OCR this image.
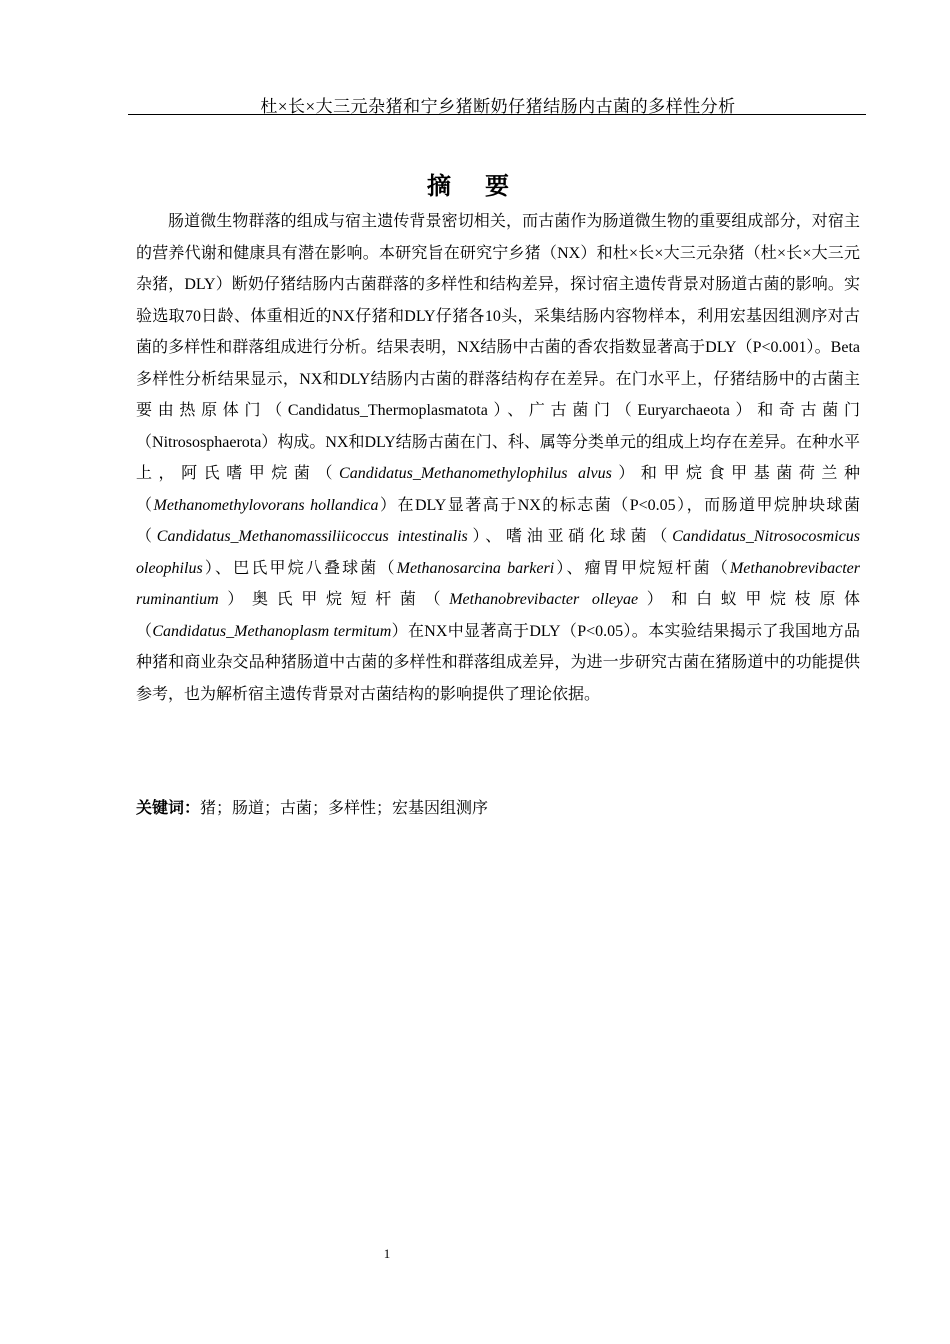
杜×长×大三元杂猪和宁乡猪断奶仔猪结肠内古菌的多样性分析
摘 要

肠道微生物群落的组成与宿主遗传背景密切相关，而古菌作为肠道微生物的重要组成部分，对宿主的营养代谢和健康具有潜在影响。本研究旨在研究宁乡猪（NX）和杜×长×大三元杂猪（杜×长×大三元杂猪，DLY）断奶仔猪结肠内古菌群落的多样性和结构差异，探讨宿主遗传背景对肠道古菌的影响。实验选取70日龄、体重相近的NX仔猪和DLY仔猪各10头，采集结肠内容物样本，利用宏基因组测序对古菌的多样性和群落组成进行分析。结果表明，NX结肠中古菌的香农指数显著高于DLY（P<0.001）。Beta多样性分析结果显示，NX和DLY结肠内古菌的群落结构存在差异。在门水平上，仔猪结肠中的古菌主要由热原体门（Candidatus_Thermoplasmatota）、广古菌门（Euryarchaeota）和奇古菌门（Nitrososphaerota）构成。NX和DLY结肠古菌在门、科、属等分类单元的组成上均存在差异。在种水平上，阿氏嗜甲烷菌（Candidatus_Methanomethylophilus alvus）和甲烷食甲基菌荷兰种（Methanomethylovorans hollandica）在DLY显著高于NX的标志菌（P<0.05），而肠道甲烷肿块球菌（Candidatus_Methanomassiliicoccus intestinalis）、嗜油亚硝化球菌（Candidatus_Nitrosocosmicus oleophilus）、巴氏甲烷八叠球菌（Methanosarcina barkeri）、瘤胃甲烷短杆菌（Methanobrevibacter ruminantium）奥氏甲烷短杆菌（Methanobrevibacter olleyae）和白蚁甲烷枝原体（Candidatus_Methanoplasm termitum）在NX中显著高于DLY（P<0.05）。本实验结果揭示了我国地方品种猪和商业杂交品种猪肠道中古菌的多样性和群落组成差异，为进一步研究古菌在猪肠道中的功能提供参考，也为解析宿主遗传背景对古菌结构的影响提供了理论依据。

关键词：猪；肠道；古菌；多样性；宏基因组测序
1
